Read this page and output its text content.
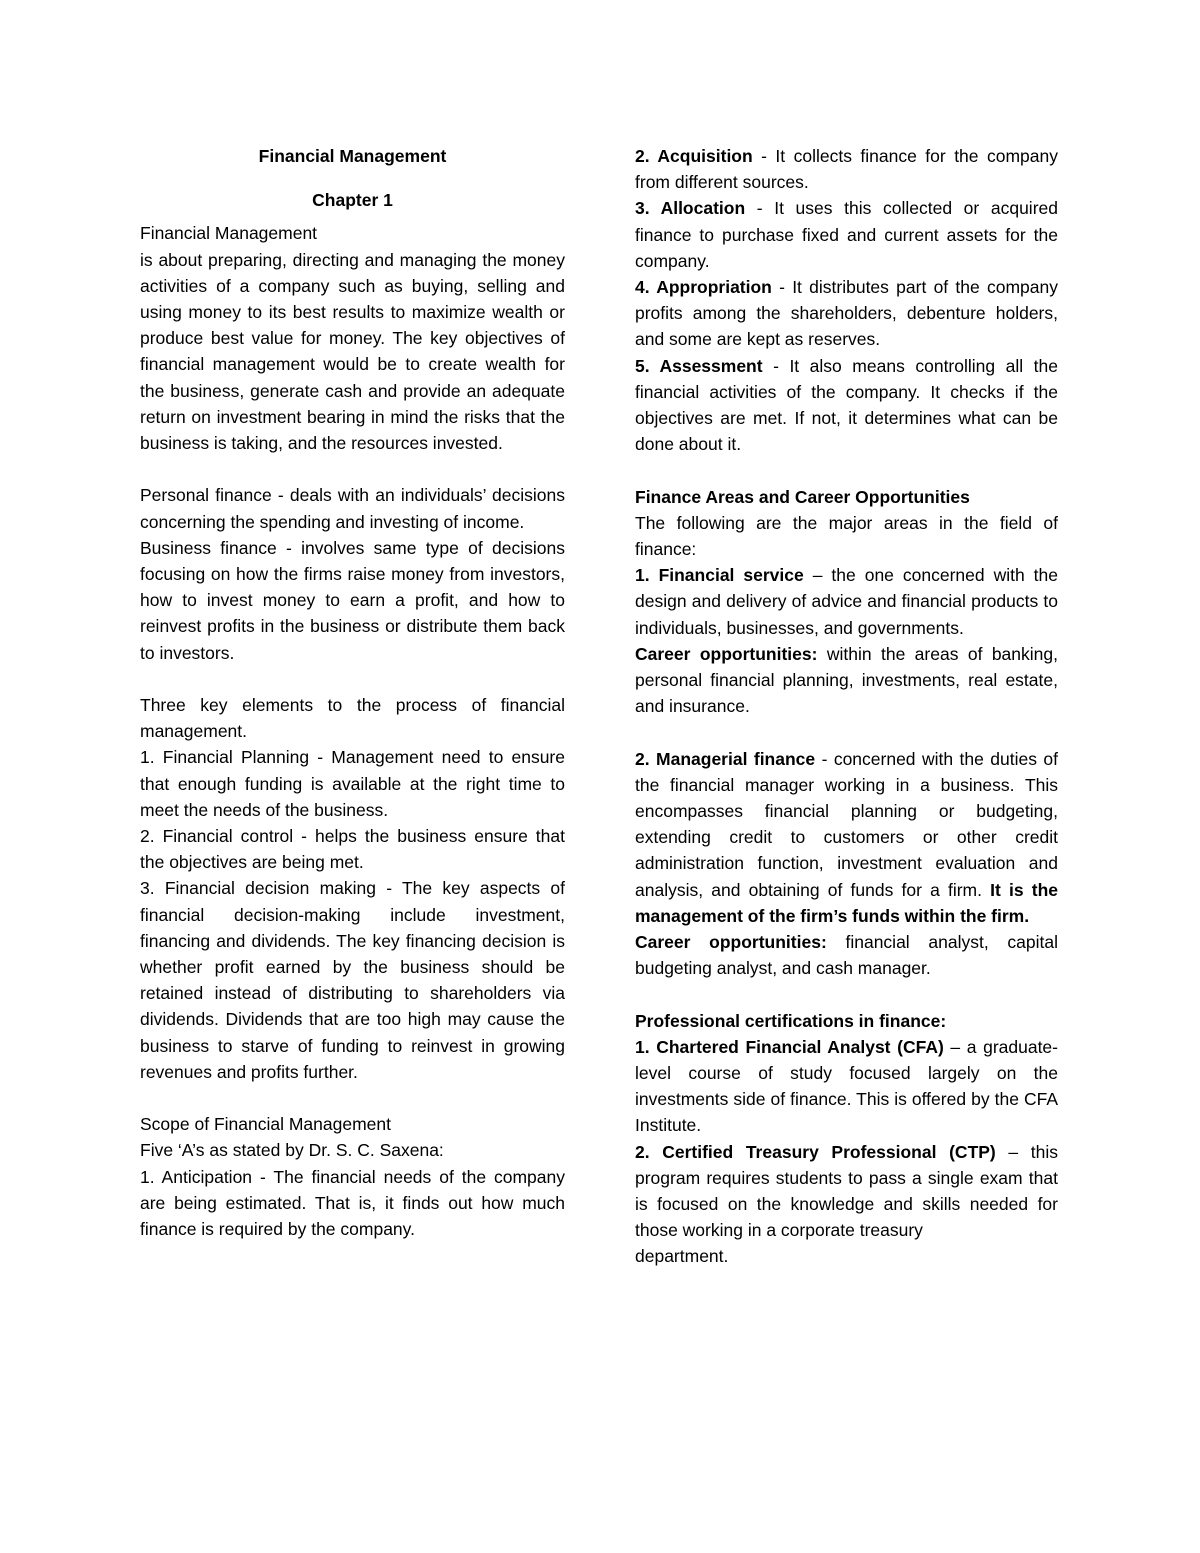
Financial Management

Chapter 1

Financial Management

is about preparing, directing and managing the money activities of a company such as buying, selling and using money to its best results to maximize wealth or produce best value for money. The key objectives of financial management would be to create wealth for the business, generate cash and provide an adequate return on investment bearing in mind the risks that the business is taking, and the resources invested.

Personal finance - deals with an individuals’ decisions concerning the spending and investing of income.

Business finance - involves same type of decisions focusing on how the firms raise money from investors, how to invest money to earn a profit, and how to reinvest profits in the business or distribute them back to investors.

Three key elements to the process of financial management.

1. Financial Planning - Management need to ensure that enough funding is available at the right time to meet the needs of the business.

2. Financial control - helps the business ensure that the objectives are being met.

3. Financial decision making - The key aspects of financial decision-making include investment, financing and dividends. The key financing decision is whether profit earned by the business should be retained instead of distributing to shareholders via dividends. Dividends that are too high may cause the business to starve of funding to reinvest in growing revenues and profits further.

Scope of Financial Management

Five ‘A’s as stated by Dr. S. C. Saxena:

1. Anticipation - The financial needs of the company are being estimated. That is, it finds out how much finance is required by the company.

2. Acquisition - It collects finance for the company from different sources.

3. Allocation - It uses this collected or acquired finance to purchase fixed and current assets for the company.

4. Appropriation - It distributes part of the company profits among the shareholders, debenture holders, and some are kept as reserves.

5. Assessment - It also means controlling all the financial activities of the company. It checks if the objectives are met. If not, it determines what can be done about it.

Finance Areas and Career Opportunities

The following are the major areas in the field of finance:

1. Financial service – the one concerned with the design and delivery of advice and financial products to individuals, businesses, and governments.

Career opportunities: within the areas of banking, personal financial planning, investments, real estate, and insurance.

2. Managerial finance - concerned with the duties of the financial manager working in a business. This encompasses financial planning or budgeting, extending credit to customers or other credit administration function, investment evaluation and analysis, and obtaining of funds for a firm. It is the management of the firm’s funds within the firm.

Career opportunities: financial analyst, capital budgeting analyst, and cash manager.

Professional certifications in finance:

1. Chartered Financial Analyst (CFA) – a graduate-level course of study focused largely on the investments side of finance. This is offered by the CFA Institute.

2. Certified Treasury Professional (CTP) – this program requires students to pass a single exam that is focused on the knowledge and skills needed for those working in a corporate treasury

department.
